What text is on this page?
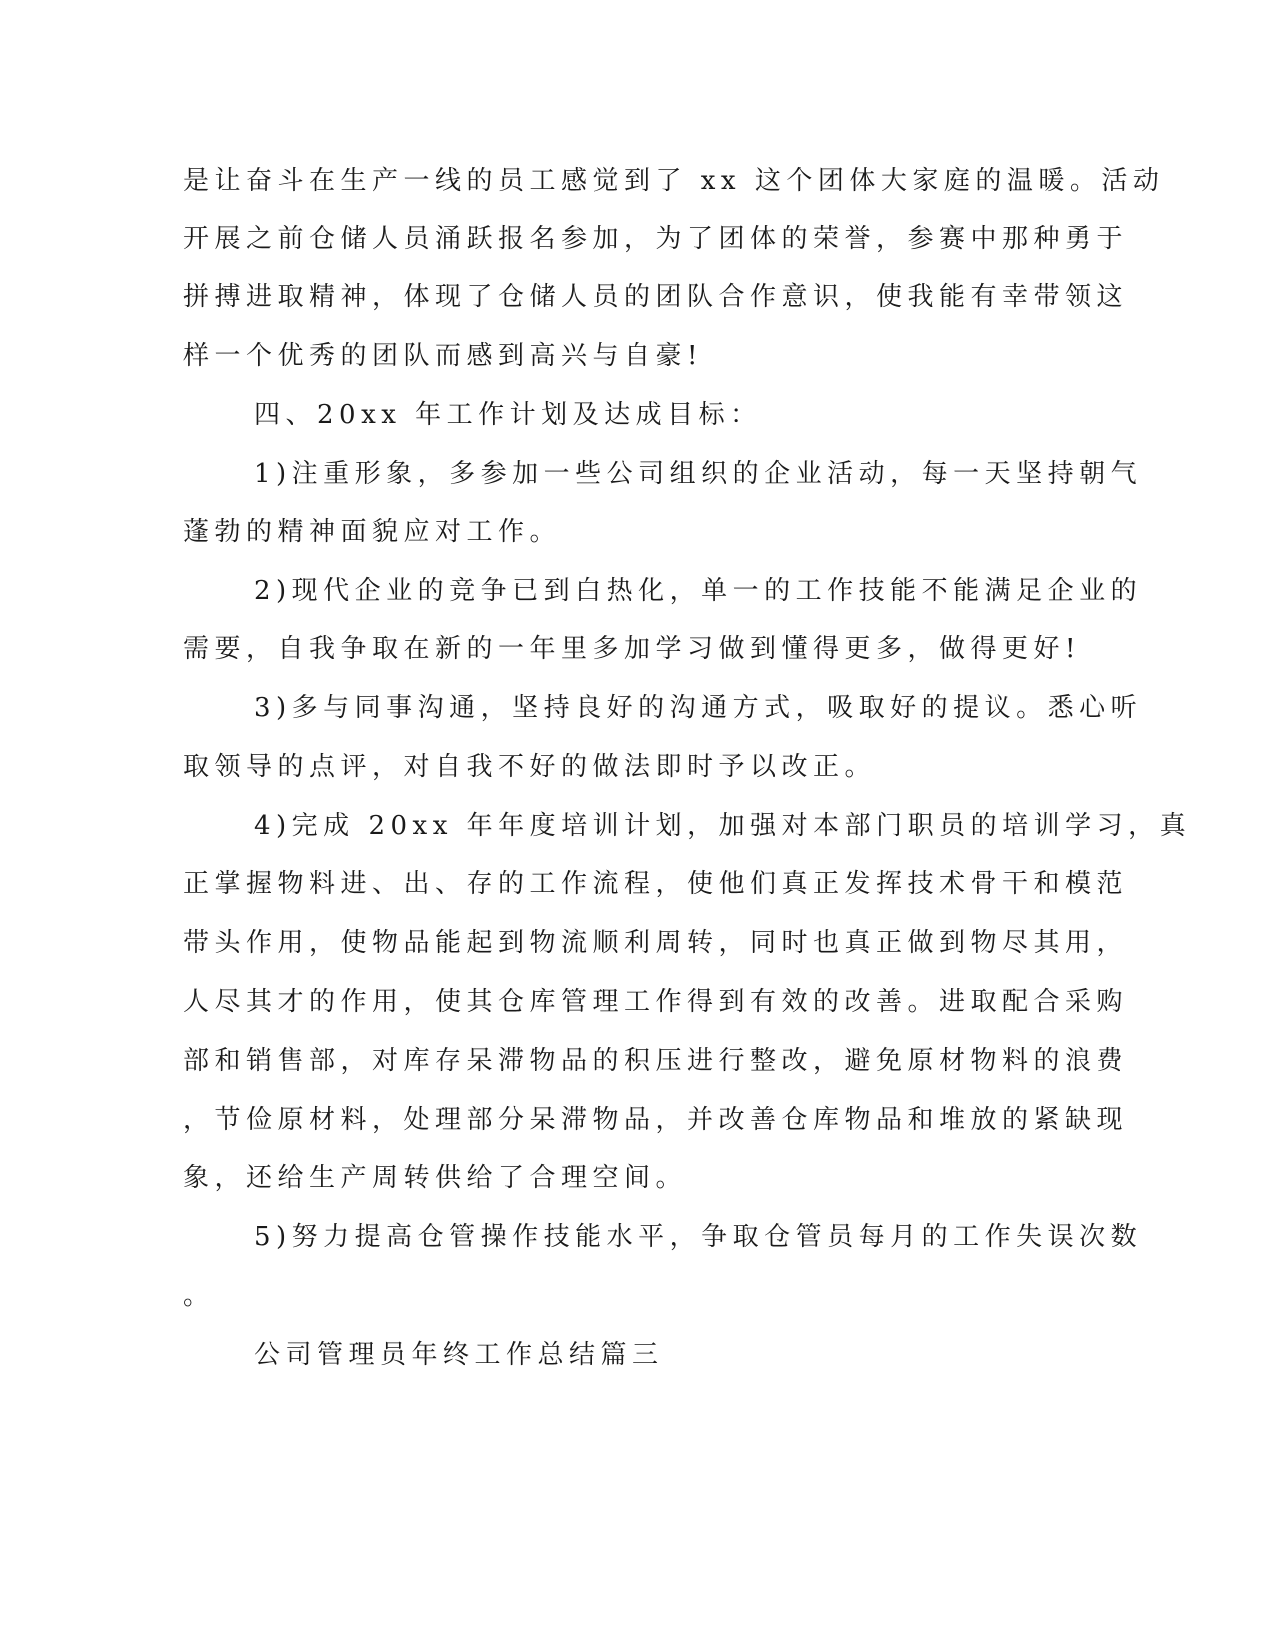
是让奋斗在生产一线的员工感觉到了 xx 这个团体大家庭的温暖。活动
开展之前仓储人员涌跃报名参加，为了团体的荣誉，参赛中那种勇于
拼搏进取精神，体现了仓储人员的团队合作意识，使我能有幸带领这
样一个优秀的团队而感到高兴与自豪!
四、20xx 年工作计划及达成目标：
1)注重形象，多参加一些公司组织的企业活动，每一天坚持朝气
蓬勃的精神面貌应对工作。
2)现代企业的竞争已到白热化，单一的工作技能不能满足企业的
需要，自我争取在新的一年里多加学习做到懂得更多，做得更好!
3)多与同事沟通，坚持良好的沟通方式，吸取好的提议。悉心听
取领导的点评，对自我不好的做法即时予以改正。
4)完成 20xx 年年度培训计划，加强对本部门职员的培训学习，真
正掌握物料进、出、存的工作流程，使他们真正发挥技术骨干和模范
带头作用，使物品能起到物流顺利周转，同时也真正做到物尽其用，
人尽其才的作用，使其仓库管理工作得到有效的改善。进取配合采购
部和销售部，对库存呆滞物品的积压进行整改，避免原材物料的浪费
，节俭原材料，处理部分呆滞物品，并改善仓库物品和堆放的紧缺现
象，还给生产周转供给了合理空间。
5)努力提高仓管操作技能水平，争取仓管员每月的工作失误次数
。
公司管理员年终工作总结篇三
